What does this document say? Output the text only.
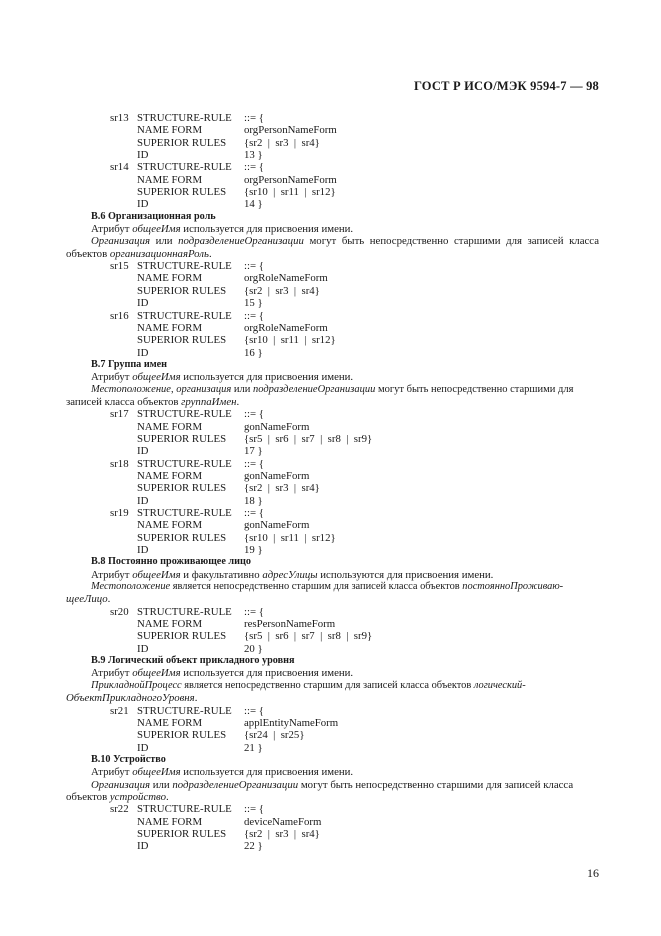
ГОСТ Р ИСО/МЭК 9594-7 — 98
sr13 STRUCTURE-RULE ::= {
NAME FORM	orgPersonNameForm
SUPERIOR RULES {sr2  |  sr3  |  sr4}
ID	13 }
sr14 STRUCTURE-RULE ::= {
NAME FORM	orgPersonNameForm
SUPERIOR RULES {sr10  |  sr11  |  sr12}
ID	14 }
В.6 Организационная роль
Атрибут общееИмя используется для присвоения имени.
Организация или подразделениеОрганизации могут быть непосредственно старшими для записей класса
объектов организационнаяРоль.
sr15 STRUCTURE-RULE ::= {
NAME FORM	orgRoleNameForm
SUPERIOR RULES {sr2  |  sr3  |  sr4}
ID	15 }
sr16 STRUCTURE-RULE ::= {
NAME FORM	orgRoleNameForm
SUPERIOR RULES {sr10  |  sr11  |  sr12}
ID	16 }
В.7 Группа имен
Атрибут общееИмя используется для присвоения имени.
Местоположение, организация или подразделениеОрганизации могут быть непосредственно старшими для
записей класса объектов группаИмен.
sr17 STRUCTURE-RULE ::= {
NAME FORM	gonNameForm
SUPERIOR RULES {sr5  |  sr6  |  sr7  |  sr8  |  sr9}
ID	17 }
sr18 STRUCTURE-RULE ::= {
NAME FORM	gonNameForm
SUPERIOR RULES {sr2  |  sr3  |  sr4}
ID	18 }
sr19 STRUCTURE-RULE ::= {
NAME FORM	gonNameForm
SUPERIOR RULES {sr10  |  sr11  |  sr12}
ID	19 }
В.8 Постоянно проживающее лицо
Атрибут общееИмя и факультативно адресУлицы используются для присвоения имени.
Местоположение является непосредственно старшим для записей класса объектов постоянноПроживаю-
щееЛицо.
sr20 STRUCTURE-RULE ::= {
NAME FORM	resPersonNameForm
SUPERIOR RULES {sr5  |  sr6  |  sr7  |  sr8  |  sr9}
ID	20 }
В.9 Логический объект прикладного уровня
Атрибут общееИмя используется для присвоения имени.
ПрикладнойПроцесс является непосредственно старшим для записей класса объектов логический-
ОбъектПрикладногоУровня.
sr21 STRUCTURE-RULE ::= {
NAME FORM	applEntityNameForm
SUPERIOR RULES {sr24  |  sr25}
ID	21 }
В.10 Устройство
Атрибут общееИмя используется для присвоения имени.
Организация или подразделениеОрганизации могут быть непосредственно старшими для записей класса
объектов устройство.
sr22 STRUCTURE-RULE ::= {
NAME FORM	deviceNameForm
SUPERIOR RULES {sr2  |  sr3  |  sr4}
ID	22 }
16
